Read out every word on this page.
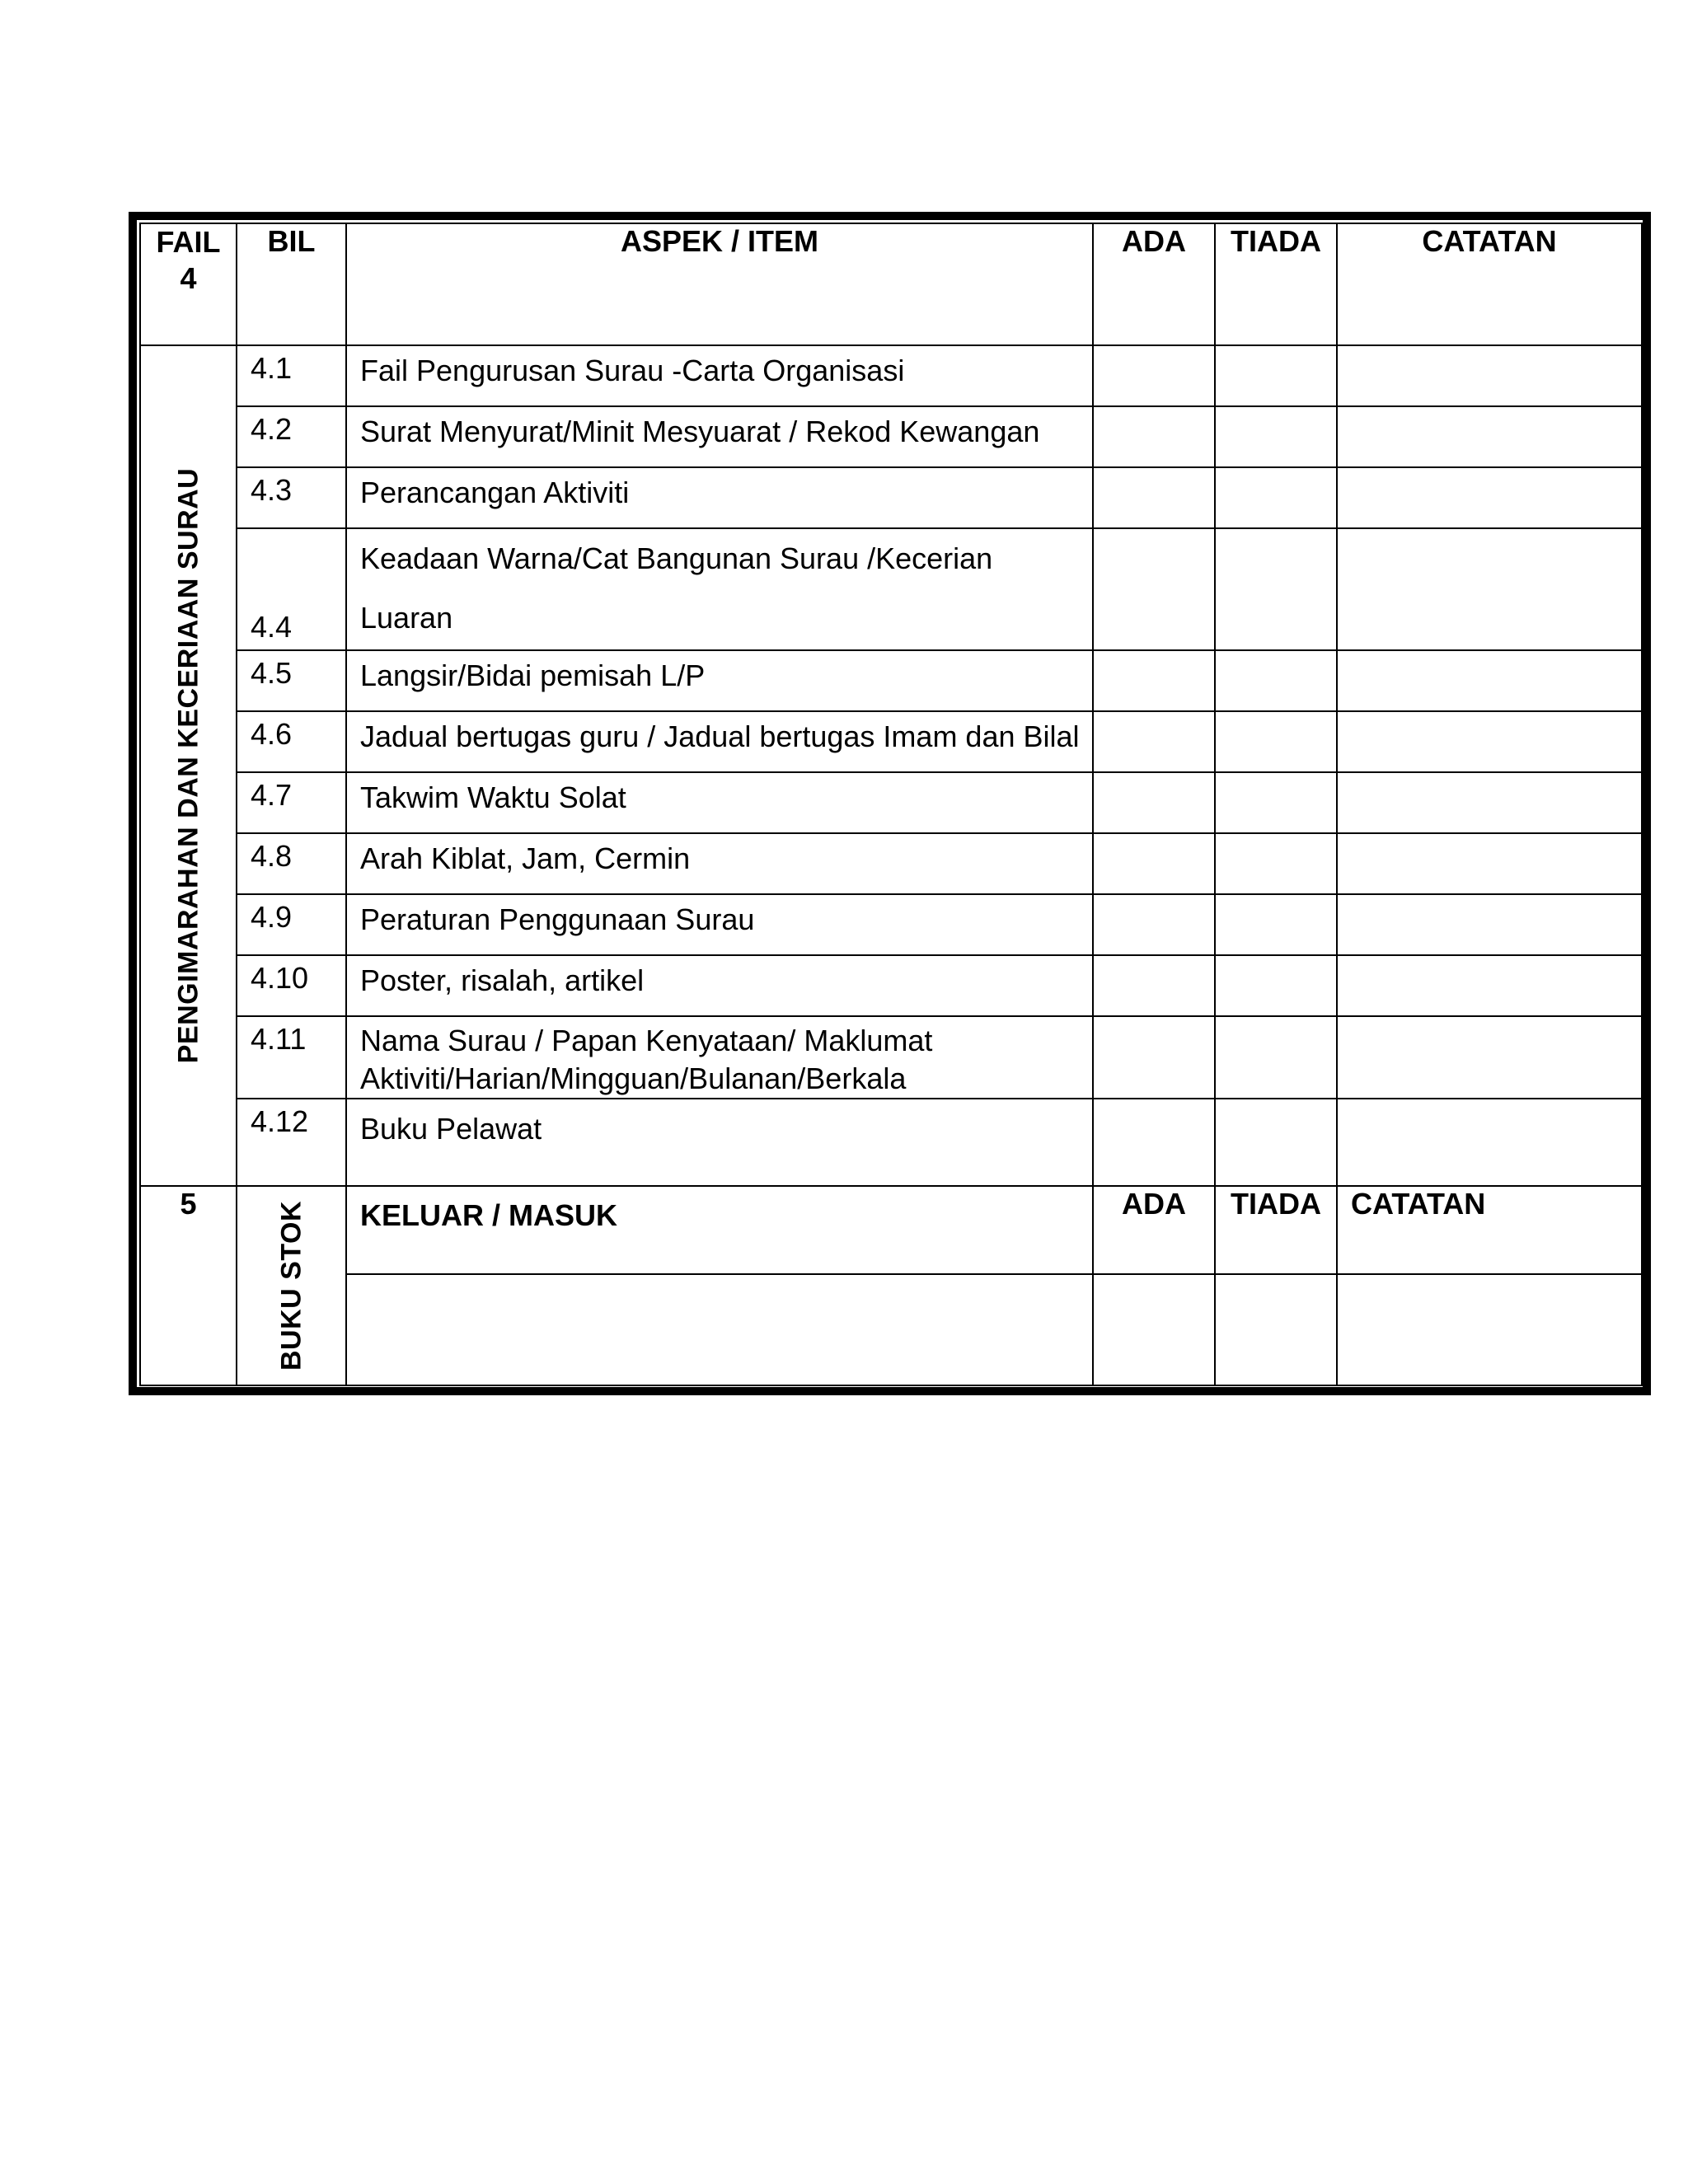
FAIL
4	BIL	ASPEK / ITEM	ADA	TIADA	CATATAN

PENGIMARAHAN DAN KECERIAAN SURAU	4.1	Fail Pengurusan Surau -Carta Organisasi			
	4.2	Surat Menyurat/Minit Mesyuarat / Rekod Kewangan			
	4.3	Perancangan Aktiviti			
	4.4	Keadaan Warna/Cat Bangunan Surau /Kecerian
Luaran			

	4.5	Langsir/Bidai pemisah L/P			
	4.6	Jadual bertugas guru / Jadual bertugas Imam dan Bilal			
	4.7	Takwim Waktu Solat			
	4.8	Arah Kiblat, Jam, Cermin			
	4.9	Peraturan Penggunaan Surau			
	4.10	Poster, risalah, artikel			
	4.11	Nama Surau / Papan Kenyataan/ Maklumat
Aktiviti/Harian/Mingguan/Bulanan/Berkala			

	4.12	Buku Pelawat			
5	BUKU STOK	KELUAR / MASUK	ADA	TIADA	CATATAN
